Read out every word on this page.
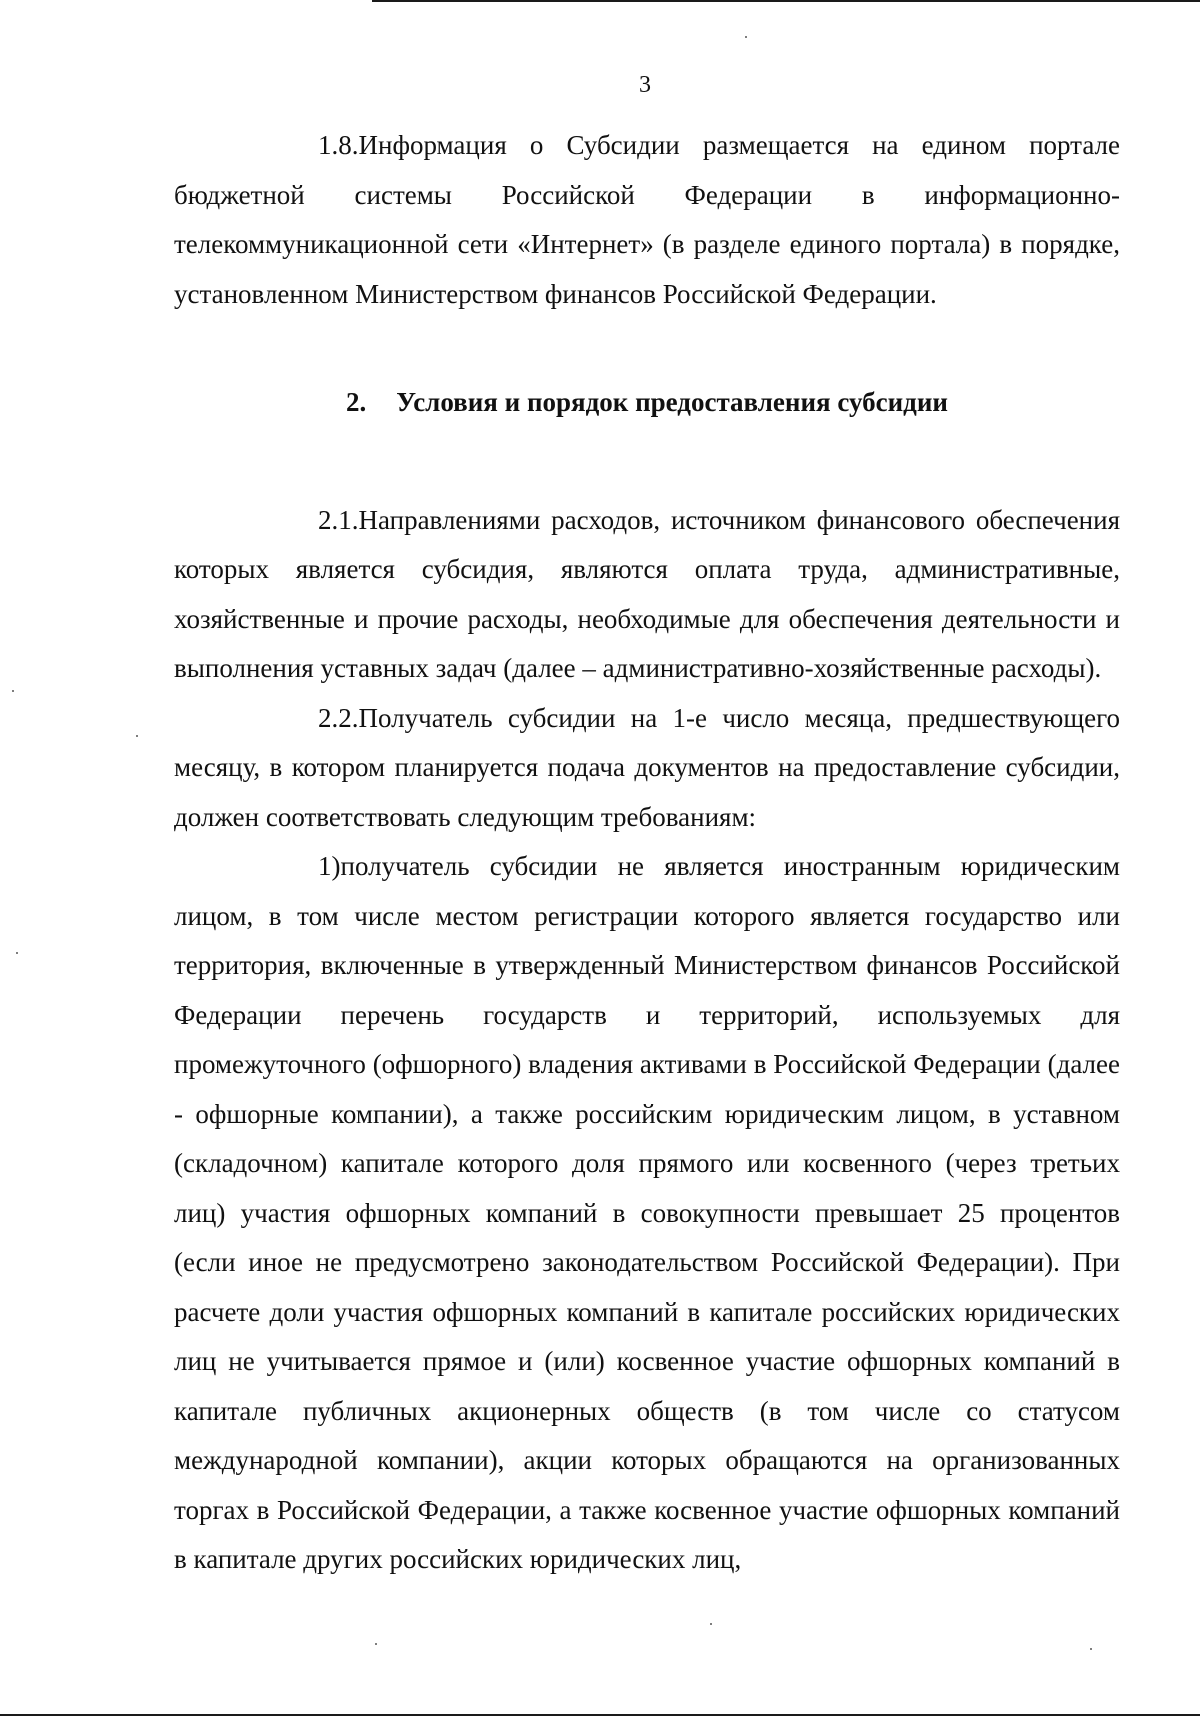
3

1.8.Информация о Субсидии размещается на едином портале бюджетной системы Российской Федерации в информационно-телекоммуникационной сети «Интернет» (в разделе единого портала) в порядке, установленном Министерством финансов Российской Федерации.

2. Условия и порядок предоставления субсидии

2.1.Направлениями расходов, источником финансового обеспечения которых является субсидия, являются оплата труда, административные, хозяйственные и прочие расходы, необходимые для обеспечения деятельности и выполнения уставных задач (далее – административно-хозяйственные расходы).

2.2.Получатель субсидии на 1-е число месяца, предшествующего месяцу, в котором планируется подача документов на предоставление субсидии, должен соответствовать следующим требованиям:

1)получатель субсидии не является иностранным юридическим лицом, в том числе местом регистрации которого является государство или территория, включенные в утвержденный Министерством финансов Российской Федерации перечень государств и территорий, используемых для промежуточного (офшорного) владения активами в Российской Федерации (далее - офшорные компании), а также российским юридическим лицом, в уставном (складочном) капитале которого доля прямого или косвенного (через третьих лиц) участия офшорных компаний в совокупности превышает 25 процентов (если иное не предусмотрено законодательством Российской Федерации). При расчете доли участия офшорных компаний в капитале российских юридических лиц не учитывается прямое и (или) косвенное участие офшорных компаний в капитале публичных акционерных обществ (в том числе со статусом международной компании), акции которых обращаются на организованных торгах в Российской Федерации, а также косвенное участие офшорных компаний в капитале других российских юридических лиц,
